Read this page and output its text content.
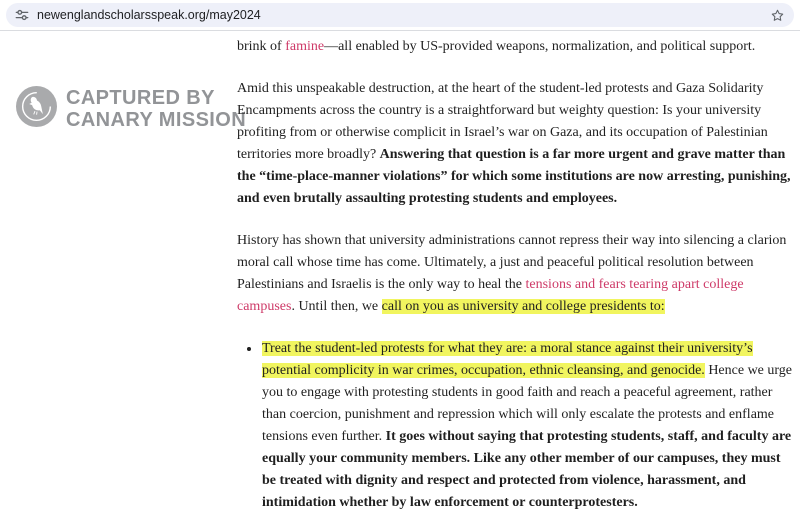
newenglandscholarsspeak.org/may2024
CAPTURED BY
CANARY MISSION

brink of famine—all enabled by US-provided weapons, normalization, and political support.

Amid this unspeakable destruction, at the heart of the student-led protests and Gaza Solidarity Encampments across the country is a straightforward but weighty question: Is your university profiting from or otherwise complicit in Israel’s war on Gaza, and its occupation of Palestinian territories more broadly? Answering that question is a far more urgent and grave matter than the “time-place-manner violations” for which some institutions are now arresting, punishing, and even brutally assaulting protesting students and employees.

History has shown that university administrations cannot repress their way into silencing a clarion moral call whose time has come. Ultimately, a just and peaceful political resolution between Palestinians and Israelis is the only way to heal the tensions and fears tearing apart college campuses. Until then, we call on you as university and college presidents to:

• Treat the student-led protests for what they are: a moral stance against their university’s potential complicity in war crimes, occupation, ethnic cleansing, and genocide. Hence we urge you to engage with protesting students in good faith and reach a peaceful agreement, rather than coercion, punishment and repression which will only escalate the protests and enflame tensions even further. It goes without saying that protesting students, staff, and faculty are equally your community members. Like any other member of our campuses, they must be treated with dignity and respect and protected from violence, harassment, and intimidation whether by law enforcement or counterprotesters.
